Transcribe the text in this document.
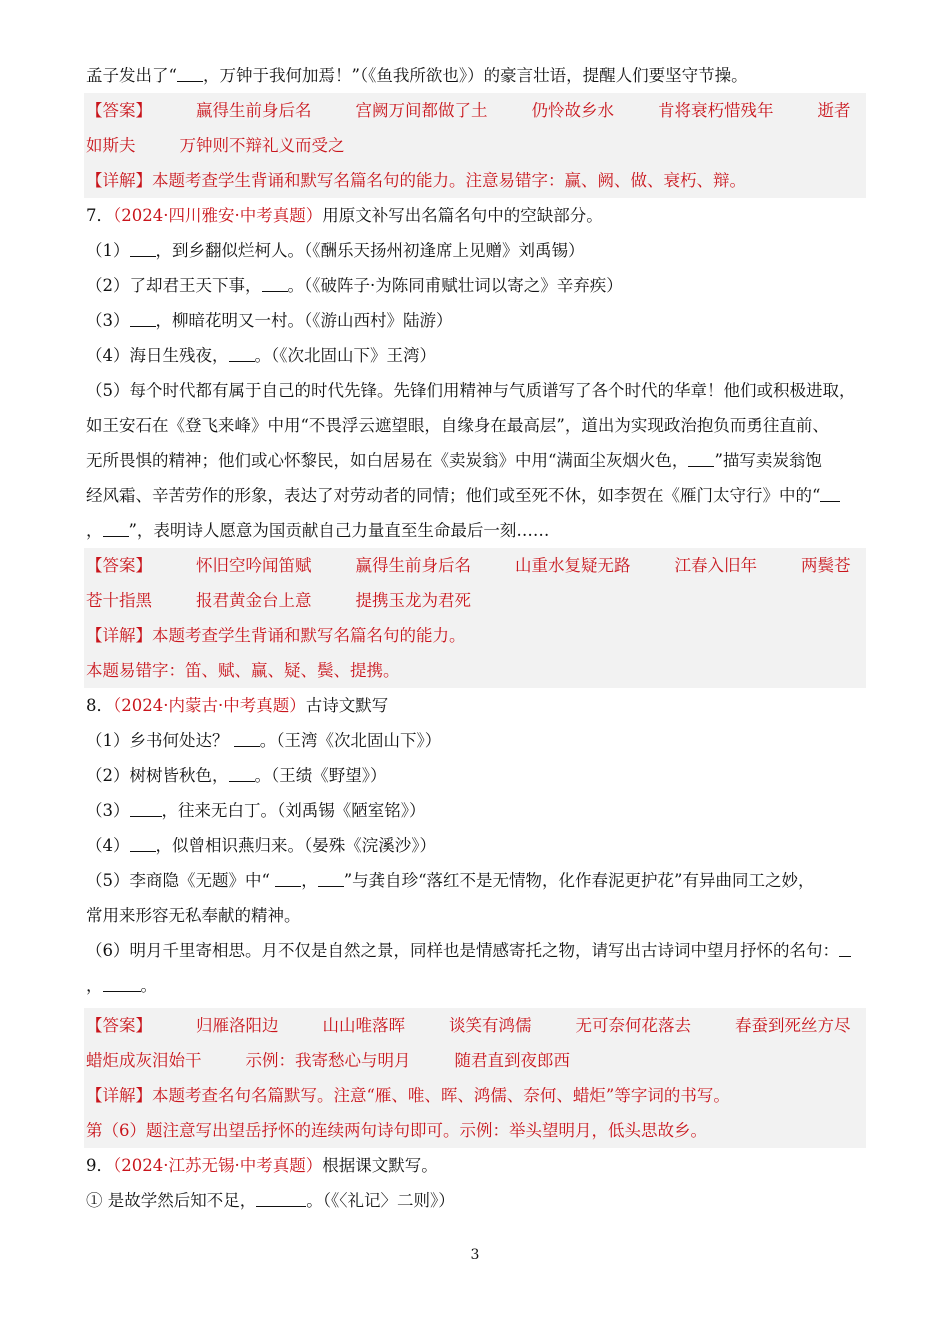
孟子发出了“ ，万钟于我何加焉！”（《鱼我所欲也》）的豪言壮语，提醒人们要坚守节操。

【答案】	赢得生前身后名	宫阙万间都做了土	仍怜故乡水	肯将衰朽惜残年	逝者

如斯夫	万钟则不辩礼义而受之

【详解】本题考查学生背诵和默写名篇名句的能力。注意易错字：赢、阙、做、衰朽、辩。

7．（2024·四川雅安·中考真题）用原文补写出名篇名句中的空缺部分。

（1） ，到乡翻似烂柯人。（《酬乐天扬州初逢席上见赠》刘禹锡）

（2）了却君王天下事， 。（《破阵子·为陈同甫赋壮词以寄之》辛弃疾）

（3） ，柳暗花明又一村。（《游山西村》陆游）

（4）海日生残夜， 。（《次北固山下》王湾）

（5）每个时代都有属于自己的时代先锋。先锋们用精神与气质谱写了各个时代的华章！他们或积极进取，

如王安石在《登飞来峰》中用“不畏浮云遮望眼，自缘身在最高层”，道出为实现政治抱负而勇往直前、

无所畏惧的精神；他们或心怀黎民，如白居易在《卖炭翁》中用“满面尘灰烟火色， ”描写卖炭翁饱

经风霜、辛苦劳作的形象，表达了对劳动者的同情；他们或至死不休，如李贺在《雁门太守行》中的“

， ”，表明诗人愿意为国贡献自己力量直至生命最后一刻……

【答案】	怀旧空吟闻笛赋	赢得生前身后名	山重水复疑无路	江春入旧年	两鬓苍

苍十指黑	报君黄金台上意	提携玉龙为君死

【详解】本题考查学生背诵和默写名篇名句的能力。

本题易错字：笛、赋、赢、疑、鬓、提携。

8．（2024·内蒙古·中考真题）古诗文默写

（1）乡书何处达？ 。（王湾《次北固山下》）

（2）树树皆秋色， 。（王绩《野望》）

（3） ，往来无白丁。（刘禹锡《陋室铭》）

（4） ，似曾相识燕归来。（晏殊《浣溪沙》）

（5）李商隐《无题》中“ ， ”与龚自珍“落红不是无情物，化作春泥更护花”有异曲同工之妙，

常用来形容无私奉献的精神。

（6）明月千里寄相思。月不仅是自然之景，同样也是情感寄托之物，请写出古诗词中望月抒怀的名句：

， 。

【答案】	归雁洛阳边	山山唯落晖	谈笑有鸿儒	无可奈何花落去	春蚕到死丝方尽

蜡炬成灰泪始干	示例：我寄愁心与明月	随君直到夜郎西

【详解】本题考查名句名篇默写。注意“雁、唯、晖、鸿儒、奈何、蜡炬”等字词的书写。

第（6）题注意写出望岳抒怀的连续两句诗句即可。示例：举头望明月，低头思故乡。

9．（2024·江苏无锡·中考真题）根据课文默写。

① 是故学然后知不足，	。（《〈礼记〉二则》）

3
